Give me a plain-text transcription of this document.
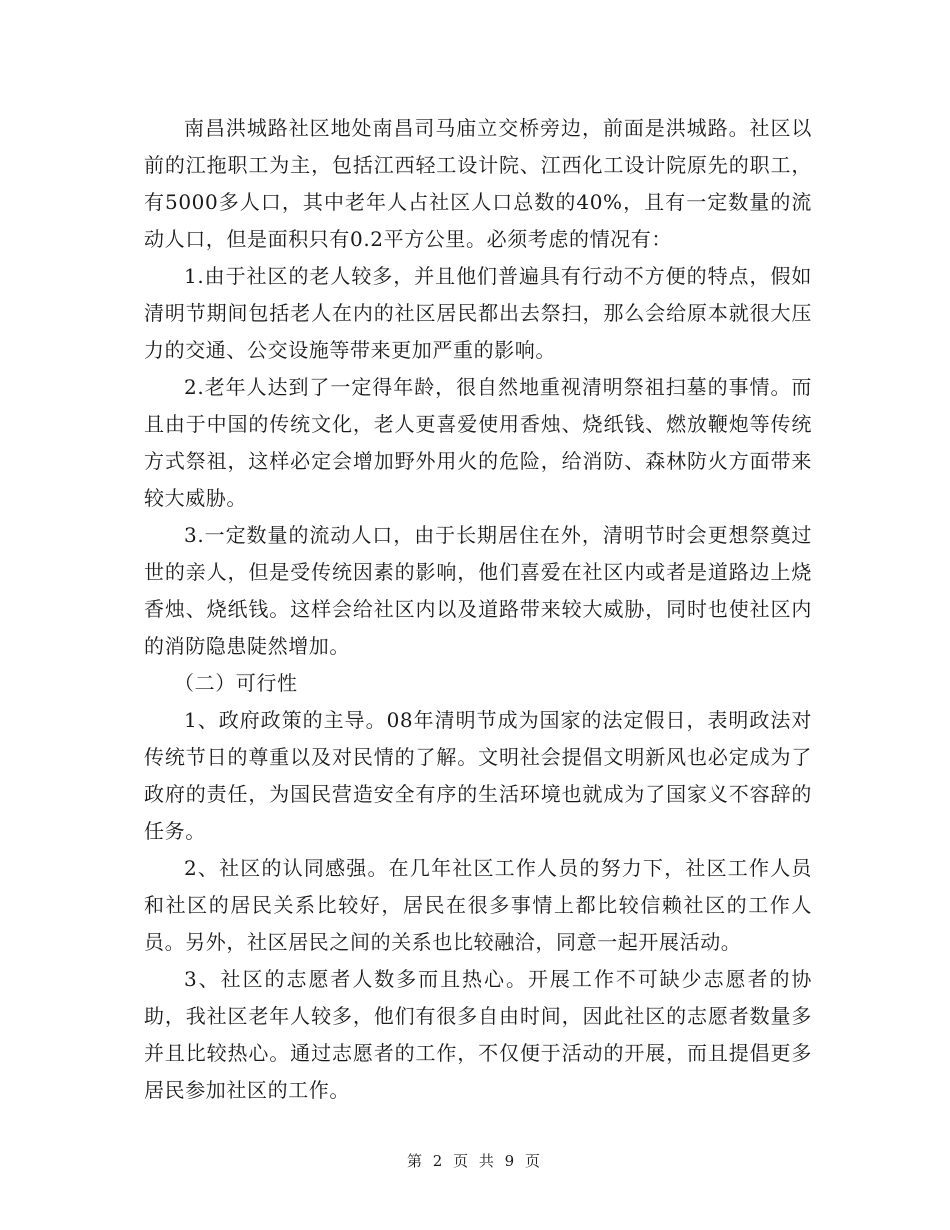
南昌洪城路社区地处南昌司马庙立交桥旁边，前面是洪城路。社区以前的江拖职工为主，包括江西轻工设计院、江西化工设计院原先的职工，有5000多人口，其中老年人占社区人口总数的40%，且有一定数量的流动人口，但是面积只有0.2平方公里。必须考虑的情况有：

1.由于社区的老人较多，并且他们普遍具有行动不方便的特点，假如清明节期间包括老人在内的社区居民都出去祭扫，那么会给原本就很大压力的交通、公交设施等带来更加严重的影响。

2.老年人达到了一定得年龄，很自然地重视清明祭祖扫墓的事情。而且由于中国的传统文化，老人更喜爱使用香烛、烧纸钱、燃放鞭炮等传统方式祭祖，这样必定会增加野外用火的危险，给消防、森林防火方面带来较大威胁。

3.一定数量的流动人口，由于长期居住在外，清明节时会更想祭奠过世的亲人，但是受传统因素的影响，他们喜爱在社区内或者是道路边上烧香烛、烧纸钱。这样会给社区内以及道路带来较大威胁，同时也使社区内的消防隐患陡然增加。

（二）可行性

1、政府政策的主导。08年清明节成为国家的法定假日，表明政法对传统节日的尊重以及对民情的了解。文明社会提倡文明新风也必定成为了政府的责任，为国民营造安全有序的生活环境也就成为了国家义不容辞的任务。

2、社区的认同感强。在几年社区工作人员的努力下，社区工作人员和社区的居民关系比较好，居民在很多事情上都比较信赖社区的工作人员。另外，社区居民之间的关系也比较融洽，同意一起开展活动。

3、社区的志愿者人数多而且热心。开展工作不可缺少志愿者的协助，我社区老年人较多，他们有很多自由时间，因此社区的志愿者数量多并且比较热心。通过志愿者的工作，不仅便于活动的开展，而且提倡更多居民参加社区的工作。

第 2 页 共 9 页
